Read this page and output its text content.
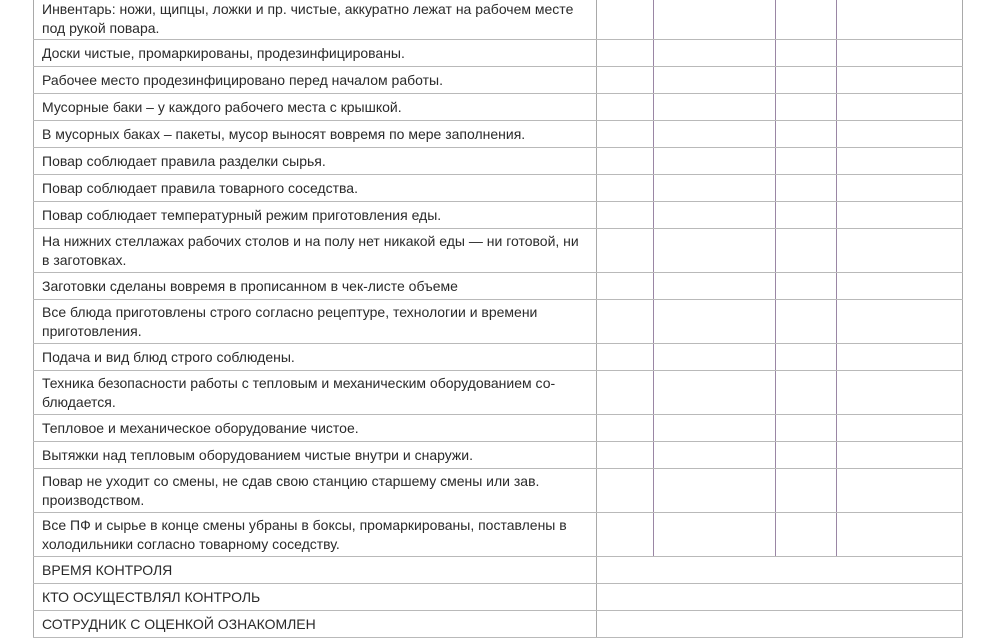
Инвентарь: ножи, щипцы, ложки и пр. чистые, аккуратно лежат на рабочем месте под рукой повара.				
Доски чистые, промаркированы, продезинфицированы.				
Рабочее место продезинфицировано перед началом работы.				
Мусорные баки – у каждого рабочего места с крышкой.				
В мусорных баках – пакеты, мусор выносят вовремя по мере заполнения.				
Повар соблюдает правила разделки сырья.				
Повар соблюдает правила товарного соседства.				
Повар соблюдает температурный режим приготовления еды.				
На нижних стеллажах рабочих столов и на полу нет никакой еды — ни готовой, ни в заготовках.				
Заготовки сделаны вовремя в прописанном в чек-листе объеме				
Все блюда приготовлены строго согласно рецептуре, технологии и времени приготовления.				
Подача и вид блюд строго соблюдены.				
Техника безопасности работы с тепловым и механическим оборудованием со-блюдается.				
Тепловое и механическое оборудование чистое.				
Вытяжки над тепловым оборудованием чистые внутри и снаружи.				
Повар не уходит со смены, не сдав свою станцию старшему смены или зав. производством.				
Все ПФ и сырье в конце смены убраны в боксы, промаркированы, поставлены в холодильники согласно товарному соседству.				
ВРЕМЯ КОНТРОЛЯ				
КТО ОСУЩЕСТВЛЯЛ КОНТРОЛЬ				
СОТРУДНИК С ОЦЕНКОЙ ОЗНАКОМЛЕН				
